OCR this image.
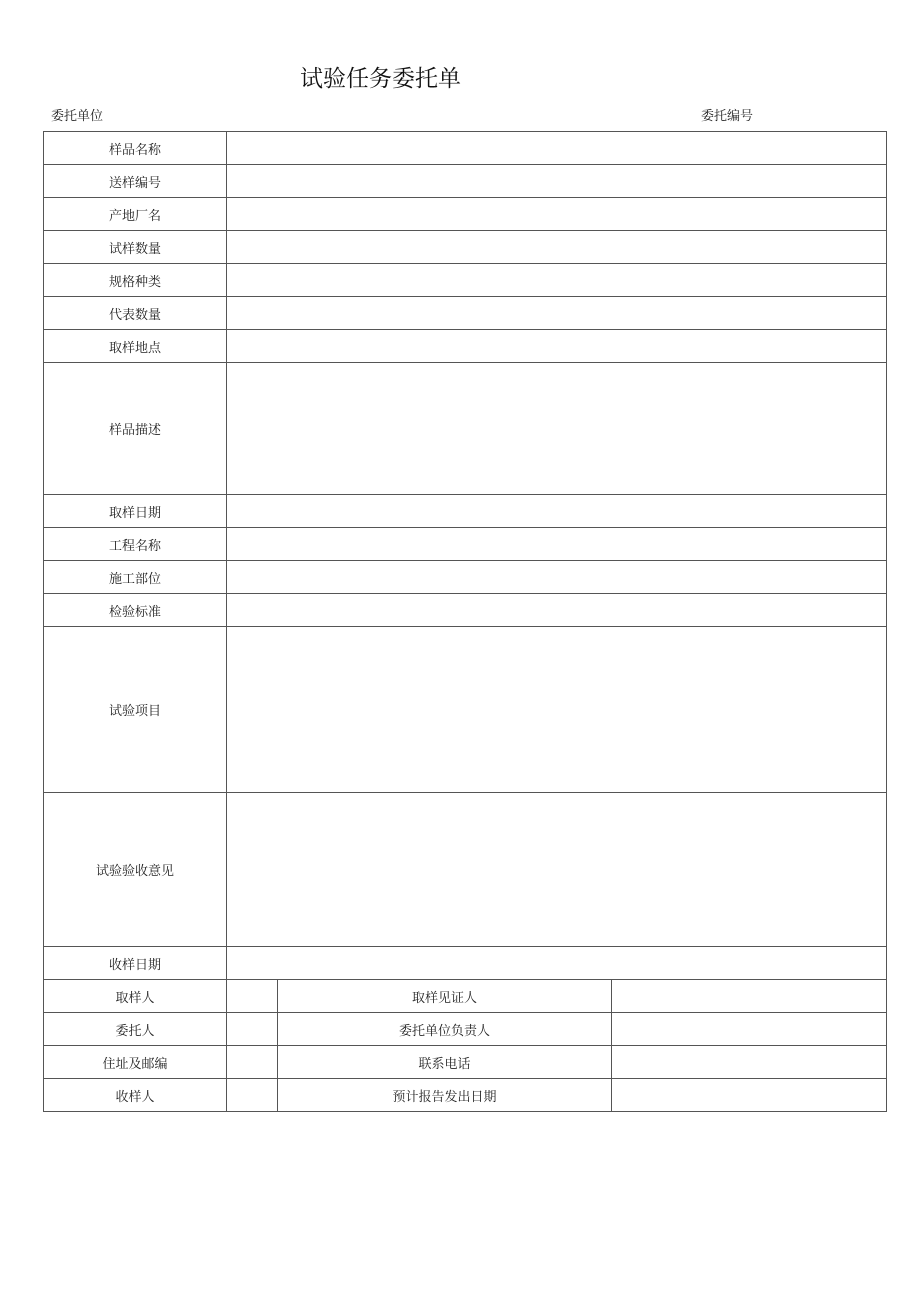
试验任务委托单
委托单位	委托编号
样品名称			
送样编号			
产地厂名			
试样数量			
规格种类			
代表数量			
取样地点			
样品描述			
取样日期			
工程名称			
施工部位			
检验标准			
试验项目			
试验验收意见			
收样日期			
取样人		取样见证人	
委托人		委托单位负责人	
住址及邮编		联系电话	
收样人		预计报告发出日期	
